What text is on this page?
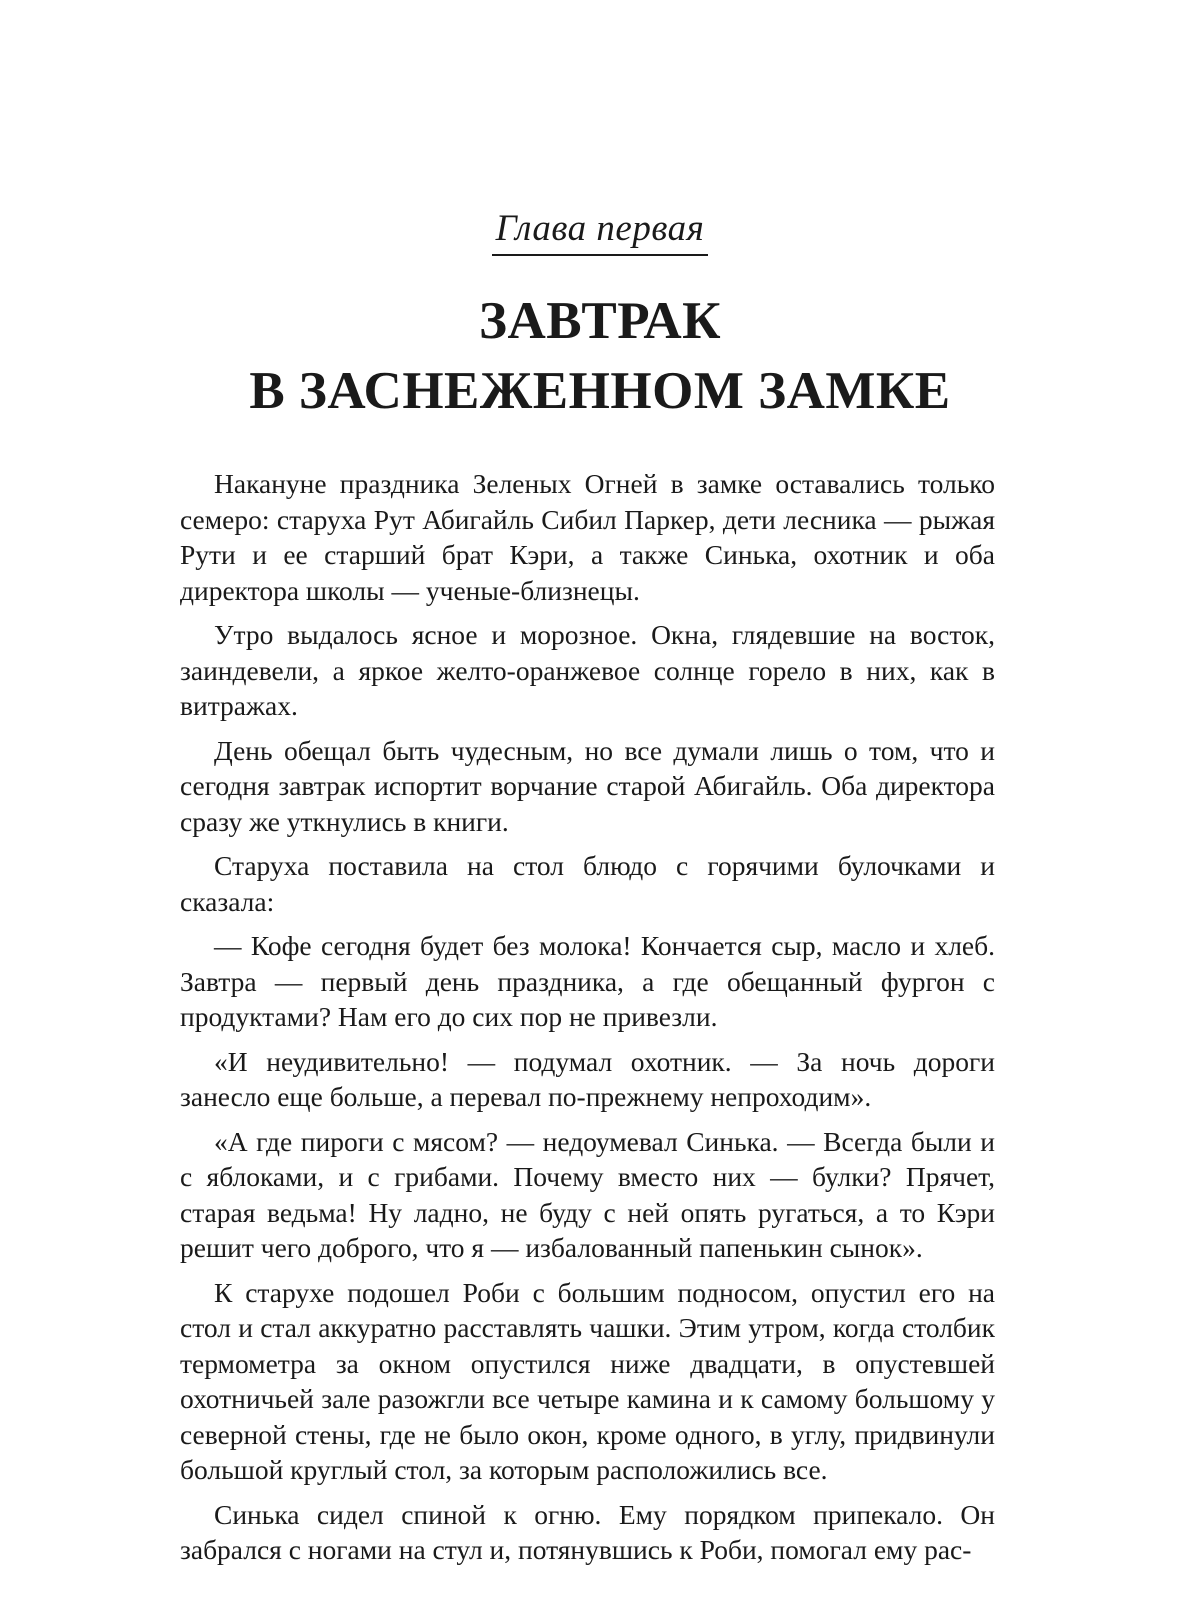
Глава первая
ЗАВТРАК
В ЗАСНЕЖЕННОМ ЗАМКЕ

Накануне праздника Зеленых Огней в замке оставались только семеро: старуха Рут Абигайль Сибил Паркер, дети лесника — рыжая Рути и ее старший брат Кэри, а также Синька, охотник и оба директора школы — ученые-близнецы.

Утро выдалось ясное и морозное. Окна, глядевшие на восток, заиндевели, а яркое желто-оранжевое солнце горело в них, как в витражах.

День обещал быть чудесным, но все думали лишь о том, что и сегодня завтрак испортит ворчание старой Абигайль. Оба директора сразу же уткнулись в книги.

Старуха поставила на стол блюдо с горячими булочками и сказала:

— Кофе сегодня будет без молока! Кончается сыр, масло и хлеб. Завтра — первый день праздника, а где обещанный фургон с продуктами? Нам его до сих пор не привезли.

«И неудивительно! — подумал охотник. — За ночь дороги занесло еще больше, а перевал по-прежнему непроходим».

«А где пироги с мясом? — недоумевал Синька. — Всегда были и с яблоками, и с грибами. Почему вместо них — булки? Прячет, старая ведьма! Ну ладно, не буду с ней опять ругаться, а то Кэри решит чего доброго, что я — избалованный папенькин сынок».

К старухе подошел Роби с большим подносом, опустил его на стол и стал аккуратно расставлять чашки. Этим утром, когда столбик термометра за окном опустился ниже двадцати, в опустевшей охотничьей зале разожгли все четыре камина и к самому большому у северной стены, где не было окон, кроме одного, в углу, придвинули большой круглый стол, за которым расположились все.

Синька сидел спиной к огню. Ему порядком припекало. Он забрался с ногами на стул и, потянувшись к Роби, помогал ему рас-
